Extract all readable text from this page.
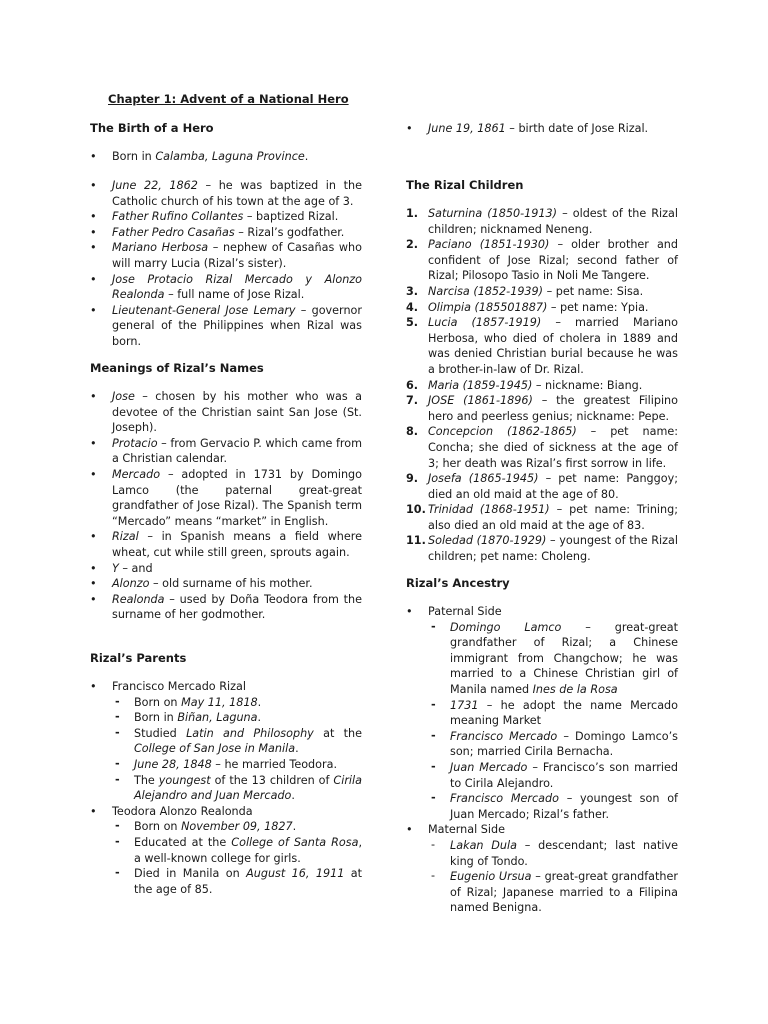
Chapter 1: Advent of a National Hero
The Birth of a Hero
• Born in Calamba, Laguna Province.
• June 22, 1862 – he was baptized in the Catholic church of his town at the age of 3.
• Father Rufino Collantes – baptized Rizal.
• Father Pedro Casañas – Rizal’s godfather.
• Mariano Herbosa – nephew of Casañas who will marry Lucia (Rizal’s sister).
• Jose Protacio Rizal Mercado y Alonzo Realonda – full name of Jose Rizal.
• Lieutenant-General Jose Lemary – governor general of the Philippines when Rizal was born.
Meanings of Rizal’s Names
• Jose – chosen by his mother who was a devotee of the Christian saint San Jose (St. Joseph).
• Protacio – from Gervacio P. which came from a Christian calendar.
• Mercado – adopted in 1731 by Domingo Lamco (the paternal great-great grandfather of Jose Rizal). The Spanish term “Mercado” means “market” in English.
• Rizal – in Spanish means a field where wheat, cut while still green, sprouts again.
• Y – and
• Alonzo – old surname of his mother.
• Realonda – used by Doña Teodora from the surname of her godmother.
Rizal’s Parents
• Francisco Mercado Rizal
- Born on May 11, 1818.
- Born in Biñan, Laguna.
- Studied Latin and Philosophy at the College of San Jose in Manila.
- June 28, 1848 – he married Teodora.
- The youngest of the 13 children of Cirila Alejandro and Juan Mercado.
• Teodora Alonzo Realonda
- Born on November 09, 1827.
- Educated at the College of Santa Rosa, a well-known college for girls.
- Died in Manila on August 16, 1911 at the age of 85.
• June 19, 1861 – birth date of Jose Rizal.
The Rizal Children
1. Saturnina (1850-1913) – oldest of the Rizal children; nicknamed Neneng.
2. Paciano (1851-1930) – older brother and confident of Jose Rizal; second father of Rizal; Pilosopo Tasio in Noli Me Tangere.
3. Narcisa (1852-1939) – pet name: Sisa.
4. Olimpia (185501887) – pet name: Ypia.
5. Lucia (1857-1919) – married Mariano Herbosa, who died of cholera in 1889 and was denied Christian burial because he was a brother-in-law of Dr. Rizal.
6. Maria (1859-1945) – nickname: Biang.
7. JOSE (1861-1896) – the greatest Filipino hero and peerless genius; nickname: Pepe.
8. Concepcion (1862-1865) – pet name: Concha; she died of sickness at the age of 3; her death was Rizal’s first sorrow in life.
9. Josefa (1865-1945) – pet name: Panggoy; died an old maid at the age of 80.
10. Trinidad (1868-1951) – pet name: Trining; also died an old maid at the age of 83.
11. Soledad (1870-1929) – youngest of the Rizal children; pet name: Choleng.
Rizal’s Ancestry
• Paternal Side
- Domingo Lamco – great-great grandfather of Rizal; a Chinese immigrant from Changchow; he was married to a Chinese Christian girl of Manila named Ines de la Rosa
- 1731 – he adopt the name Mercado meaning Market
- Francisco Mercado – Domingo Lamco’s son; married Cirila Bernacha.
- Juan Mercado – Francisco’s son married to Cirila Alejandro.
- Francisco Mercado – youngest son of Juan Mercado; Rizal’s father.
• Maternal Side
- Lakan Dula – descendant; last native king of Tondo.
- Eugenio Ursua – great-great grandfather of Rizal; Japanese married to a Filipina named Benigna.
